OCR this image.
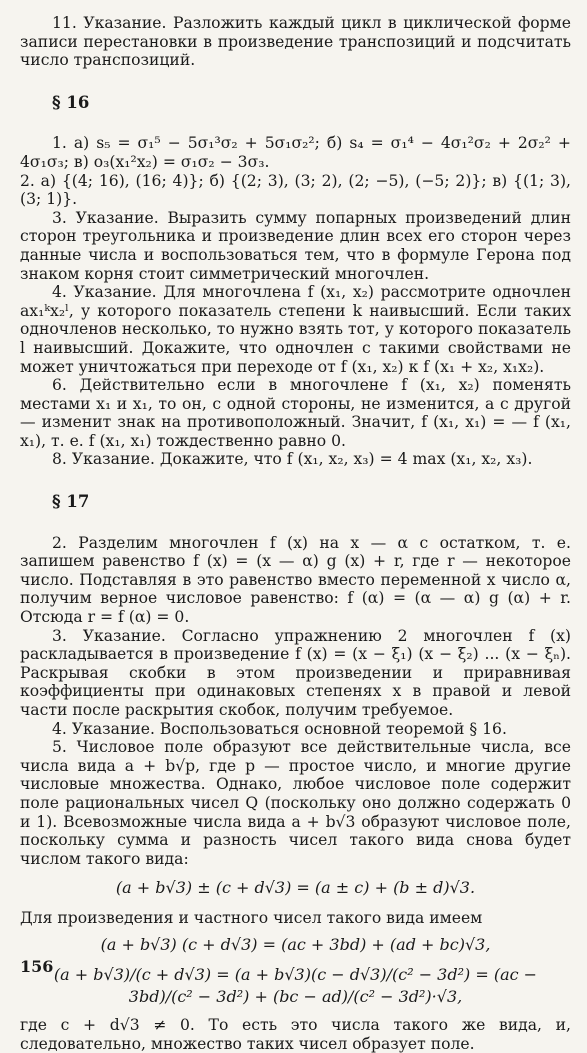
11. Указание. Разложить каждый цикл в циклической форме записи перестановки в произведение транспозиций и подсчитать число транспозиций.

§ 16

1. а) s₅ = σ₁⁵ − 5σ₁³σ₂ + 5σ₁σ₂²; б) s₄ = σ₁⁴ − 4σ₁²σ₂ + 2σ₂² + 4σ₁σ₃; в) o₃(x₁²x₂) = σ₁σ₂ − 3σ₃.

2. а) {(4; 16), (16; 4)}; б) {(2; 3), (3; 2), (2; −5), (−5; 2)}; в) {(1; 3), (3; 1)}.

3. Указание. Выразить сумму попарных произведений длин сторон треугольника и произведение длин всех его сторон через данные числа и воспользоваться тем, что в формуле Герона под знаком корня стоит симметрический многочлен.

4. Указание. Для многочлена f (x₁, x₂) рассмотрите одночлен ax₁ᵏx₂ˡ, у которого показатель степени k наивысший. Если таких одночленов несколько, то нужно взять тот, у которого показатель l наивысший. Докажите, что одночлен с такими свойствами не может уничтожаться при переходе от f (x₁, x₂) к f (x₁ + x₂, x₁x₂).

6. Действительно если в многочлене f (x₁, x₂) поменять местами x₁ и x₁, то он, с одной стороны, не изменится, а с другой — изменит знак на противоположный. Значит, f (x₁, x₁) = — f (x₁, x₁), т. е. f (x₁, x₁) тождественно равно 0.

8. Указание. Докажите, что f (x₁, x₂, x₃) = 4 max (x₁, x₂, x₃).

§ 17

2. Разделим многочлен f (x) на x — α с остатком, т. е. запишем равенство f (x) = (x — α) g (x) + r, где r — некоторое число. Подставляя в это равенство вместо переменной x число α, получим верное числовое равенство: f (α) = (α — α) g (α) + r. Отсюда r = f (α) = 0.

3. Указание. Согласно упражнению 2 многочлен f (x) раскладывается в произведение f (x) = (x − ξ₁) (x − ξ₂) ... (x − ξₙ). Раскрывая скобки в этом произведении и приравнивая коэффициенты при одинаковых степенях x в правой и левой части после раскрытия скобок, получим требуемое.

4. Указание. Воспользоваться основной теоремой § 16.

5. Числовое поле образуют все действительные числа, все числа вида a + b√p, где p — простое число, и многие другие числовые множества. Однако, любое числовое поле содержит поле рациональных чисел Q (поскольку оно должно содержать 0 и 1). Всевозможные числа вида a + b√3 образуют числовое поле, поскольку сумма и разность чисел такого вида снова будет числом такого вида:

(a + b√3) ± (c + d√3) = (a ± c) + (b ± d)√3.

Для произведения и частного чисел такого вида имеем

(a + b√3) (c + d√3) = (ac + 3bd) + (ad + bc)√3,

(a + b√3)/(c + d√3) = (a + b√3)(c − d√3)/(c² − 3d²) = (ac − 3bd)/(c² − 3d²) + (bc − ad)/(c² − 3d²)·√3,

где c + d√3 ≠ 0. То есть это числа такого же вида, и, следовательно, множество таких чисел образует поле.

156
